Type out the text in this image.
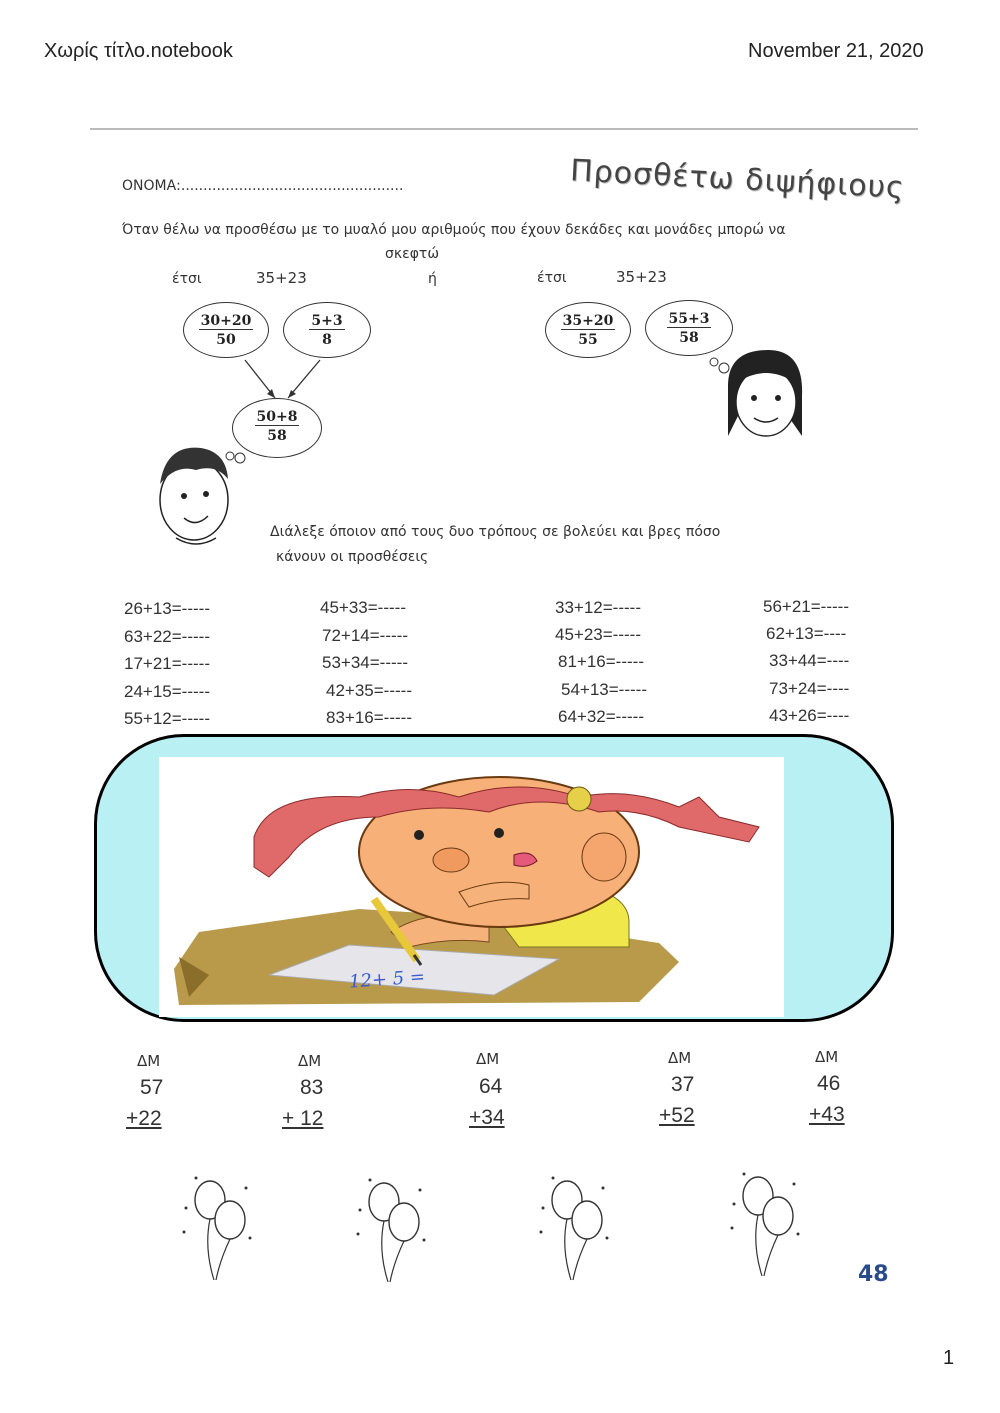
Χωρίς τίτλο.notebook	November 21, 2020
ΟΝΟΜΑ:..................................................	Προσθέτω διψήφιους
Όταν θέλω να προσθέσω με το μυαλό μου αριθμούς που έχουν δεκάδες και μονάδες μπορώ να
σκεφτώ
έτσι	35+23	ή
30+20
50
5+3
8
50+8
58
έτσι	35+23
35+20
55
55+3
58
Διάλεξε όποιον από τους δυο τρόπους σε βολεύει και βρες πόσο
κάνουν οι προσθέσεις
26+13=-----	45+33=-----	33+12=-----	56+21=-----
63+22=-----	72+14=-----	45+23=-----	62+13=----
17+21=-----	53+34=-----	81+16=-----	33+44=----
24+15=-----	42+35=-----	54+13=-----	73+24=----
55+12=-----	83+16=-----	64+32=-----	43+26=----
12+ 5 =
ΔΜ
57
+22
ΔΜ
83
+ 12
ΔΜ
64
+34
ΔΜ
37
+52
ΔΜ
46
+43
48
1
